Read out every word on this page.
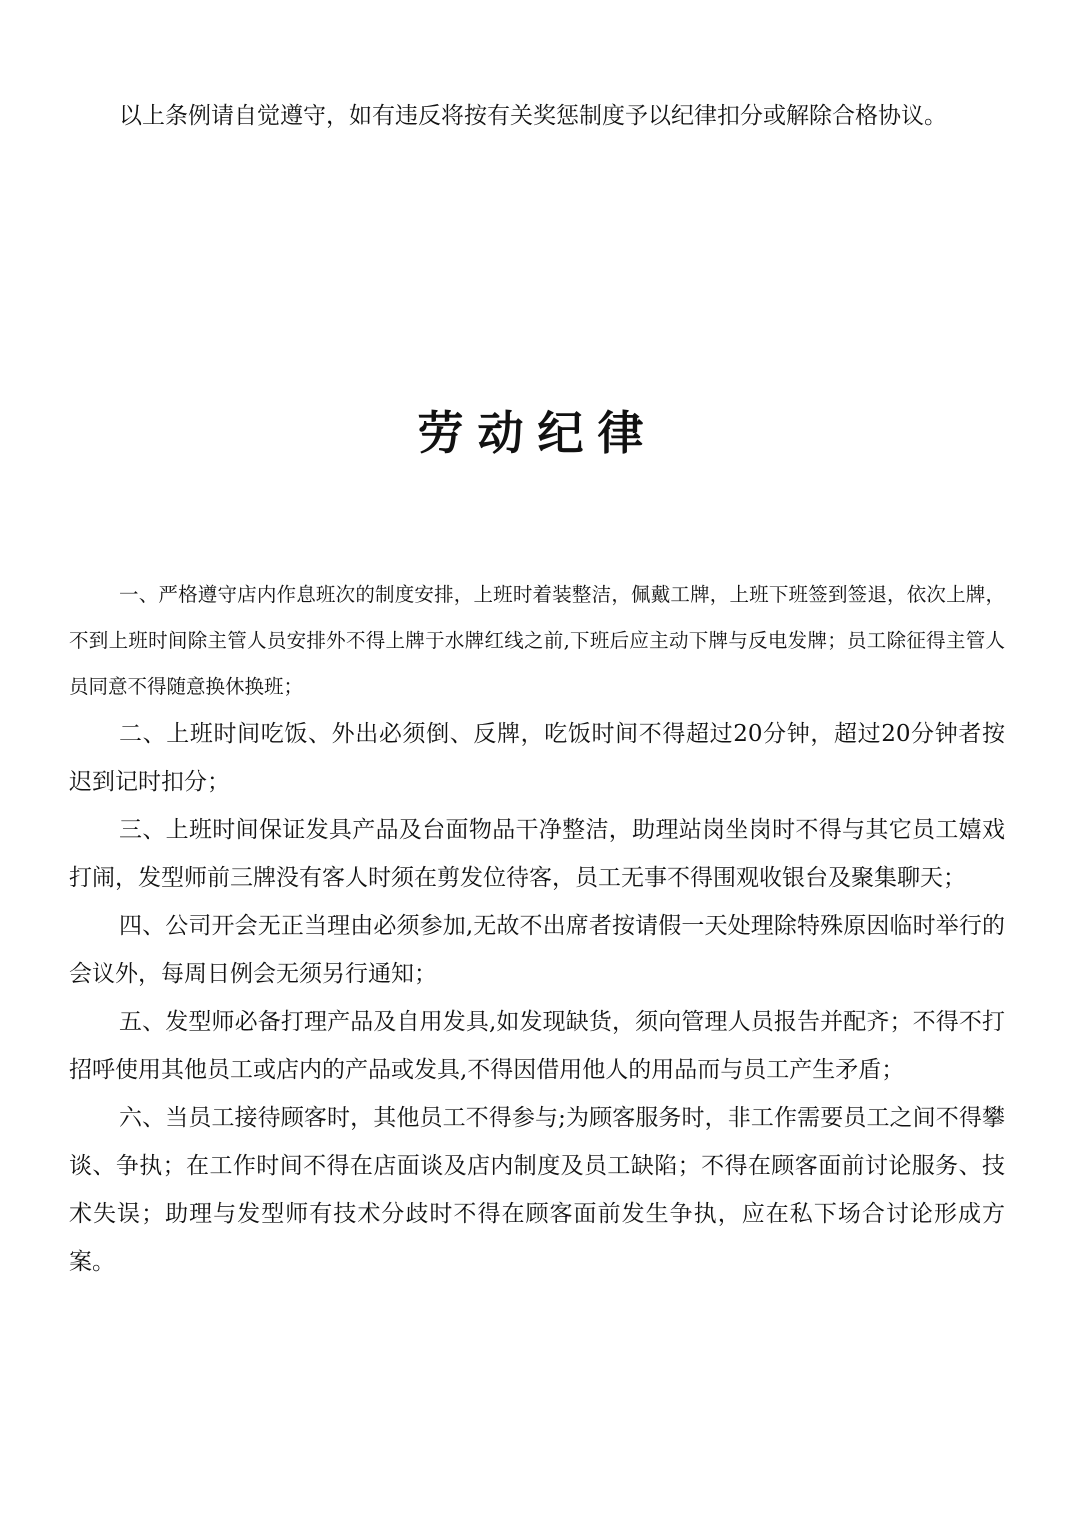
以上条例请自觉遵守，如有违反将按有关奖惩制度予以纪律扣分或解除合格协议。

劳动纪律

一、严格遵守店内作息班次的制度安排，上班时着装整洁，佩戴工牌，上班下班签到签退，依次上牌，不到上班时间除主管人员安排外不得上牌于水牌红线之前,下班后应主动下牌与反电发牌；员工除征得主管人员同意不得随意换休换班；

二、上班时间吃饭、外出必须倒、反牌，吃饭时间不得超过20分钟，超过20分钟者按迟到记时扣分；

三、上班时间保证发具产品及台面物品干净整洁，助理站岗坐岗时不得与其它员工嬉戏打闹，发型师前三牌没有客人时须在剪发位待客，员工无事不得围观收银台及聚集聊天；

四、公司开会无正当理由必须参加,无故不出席者按请假一天处理除特殊原因临时举行的会议外，每周日例会无须另行通知；

五、发型师必备打理产品及自用发具,如发现缺货，须向管理人员报告并配齐；不得不打招呼使用其他员工或店内的产品或发具,不得因借用他人的用品而与员工产生矛盾；

六、当员工接待顾客时，其他员工不得参与;为顾客服务时，非工作需要员工之间不得攀谈、争执；在工作时间不得在店面谈及店内制度及员工缺陷；不得在顾客面前讨论服务、技术失误；助理与发型师有技术分歧时不得在顾客面前发生争执，应在私下场合讨论形成方案。
